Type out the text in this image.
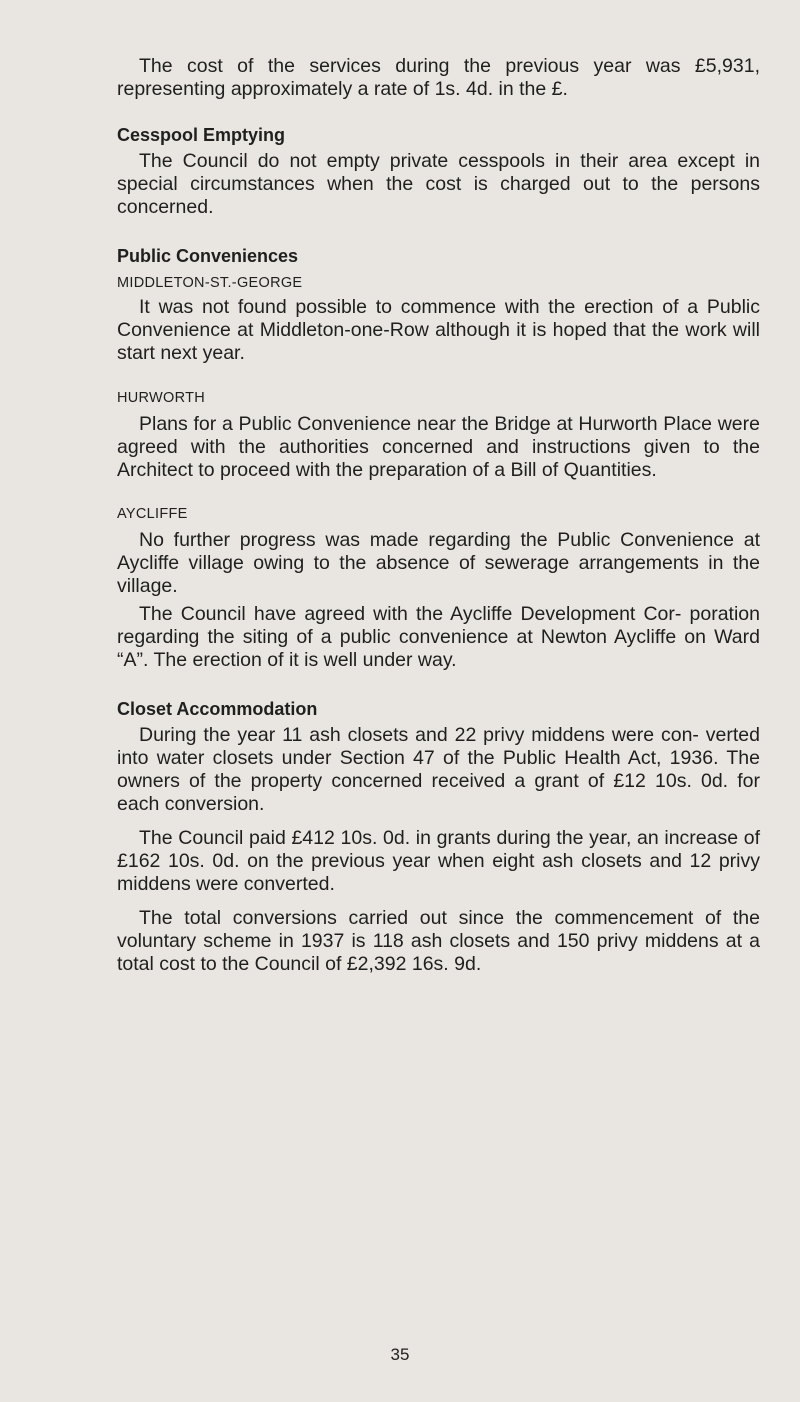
The cost of the services during the previous year was £5,931, representing approximately a rate of 1s. 4d. in the £.

Cesspool Emptying

The Council do not empty private cesspools in their area except in special circumstances when the cost is charged out to the persons concerned.

Public Conveniences
MIDDLETON-ST.-GEORGE

It was not found possible to commence with the erection of a Public Convenience at Middleton-one-Row although it is hoped that the work will start next year.

HURWORTH

Plans for a Public Convenience near the Bridge at Hurworth Place were agreed with the authorities concerned and instructions given to the Architect to proceed with the preparation of a Bill of Quantities.

AYCLIFFE

No further progress was made regarding the Public Convenience at Aycliffe village owing to the absence of sewerage arrangements in the village.

The Council have agreed with the Aycliffe Development Cor- poration regarding the siting of a public convenience at Newton Aycliffe on Ward “A”. The erection of it is well under way.

Closet Accommodation

During the year 11 ash closets and 22 privy middens were con- verted into water closets under Section 47 of the Public Health Act, 1936. The owners of the property concerned received a grant of £12 10s. 0d. for each conversion.

The Council paid £412 10s. 0d. in grants during the year, an increase of £162 10s. 0d. on the previous year when eight ash closets and 12 privy middens were converted.

The total conversions carried out since the commencement of the voluntary scheme in 1937 is 118 ash closets and 150 privy middens at a total cost to the Council of £2,392 16s. 9d.

35
